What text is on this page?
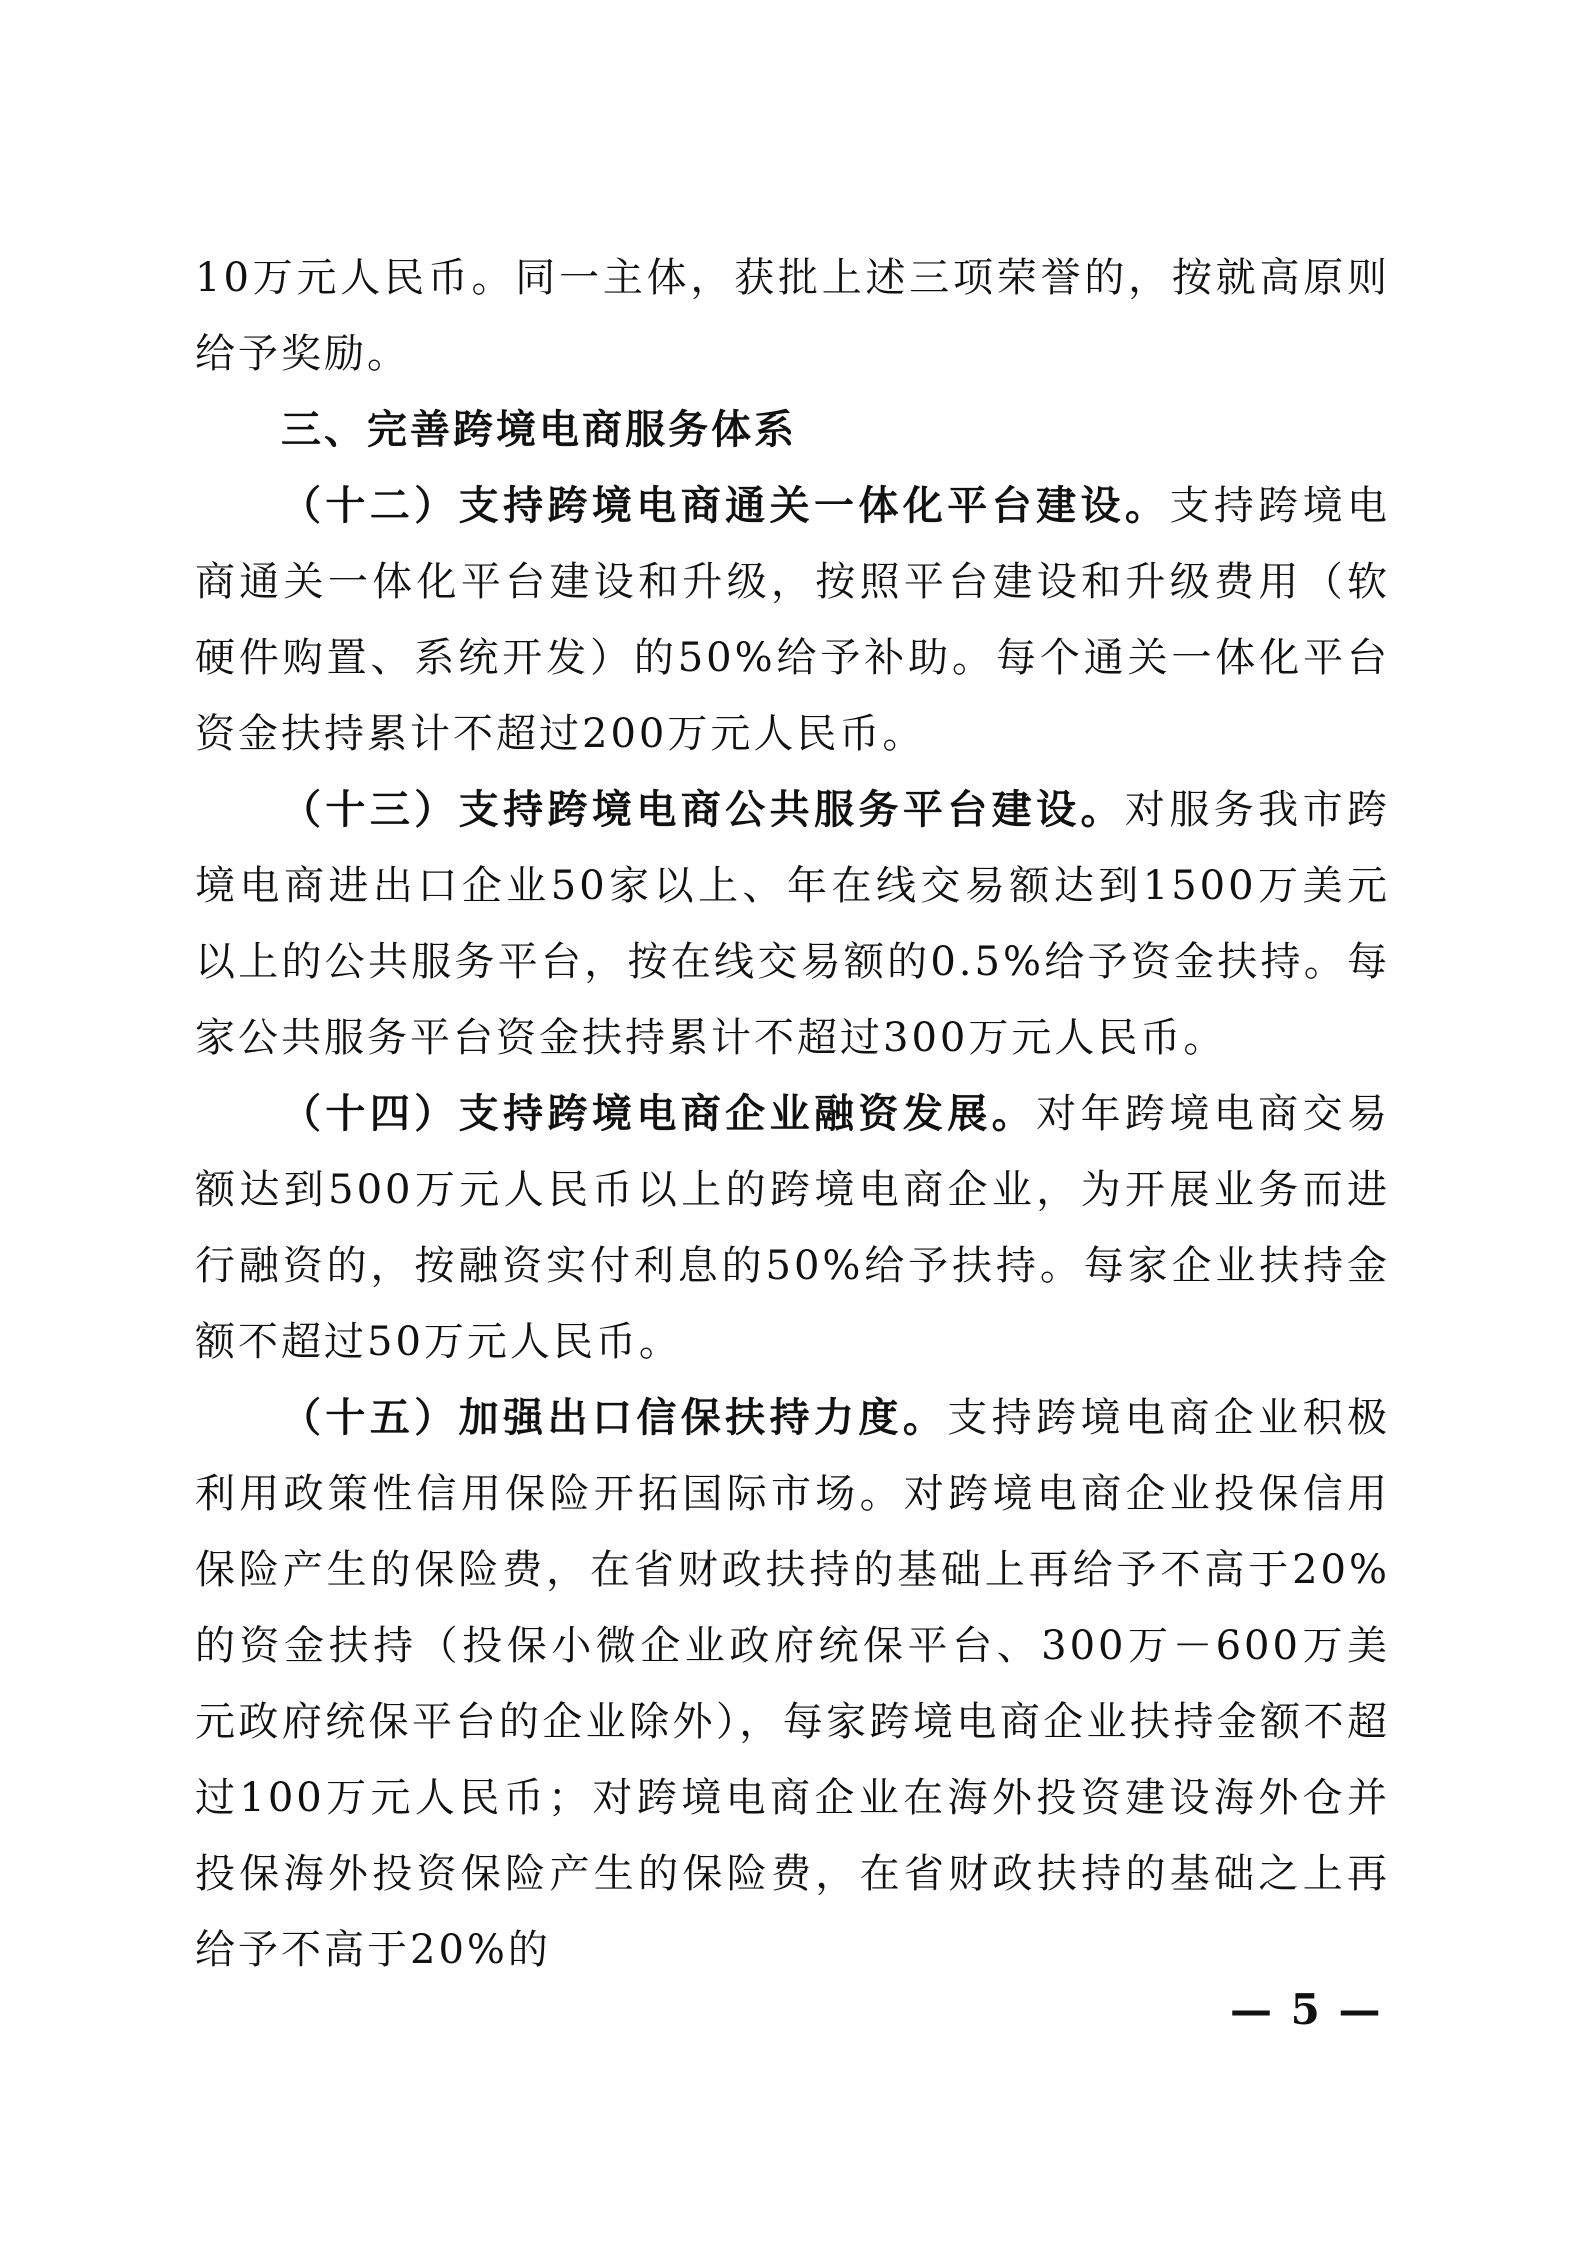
10万元人民币。同一主体，获批上述三项荣誉的，按就高原则给予奖励。

三、完善跨境电商服务体系

（十二）支持跨境电商通关一体化平台建设。支持跨境电商通关一体化平台建设和升级，按照平台建设和升级费用（软硬件购置、系统开发）的50%给予补助。每个通关一体化平台资金扶持累计不超过200万元人民币。

（十三）支持跨境电商公共服务平台建设。对服务我市跨境电商进出口企业50家以上、年在线交易额达到1500万美元以上的公共服务平台，按在线交易额的0.5%给予资金扶持。每家公共服务平台资金扶持累计不超过300万元人民币。

（十四）支持跨境电商企业融资发展。对年跨境电商交易额达到500万元人民币以上的跨境电商企业，为开展业务而进行融资的，按融资实付利息的50%给予扶持。每家企业扶持金额不超过50万元人民币。

（十五）加强出口信保扶持力度。支持跨境电商企业积极利用政策性信用保险开拓国际市场。对跨境电商企业投保信用保险产生的保险费，在省财政扶持的基础上再给予不高于20%的资金扶持（投保小微企业政府统保平台、300万－600万美元政府统保平台的企业除外），每家跨境电商企业扶持金额不超过100万元人民币；对跨境电商企业在海外投资建设海外仓并投保海外投资保险产生的保险费，在省财政扶持的基础之上再给予不高于20%的

— 5 —
